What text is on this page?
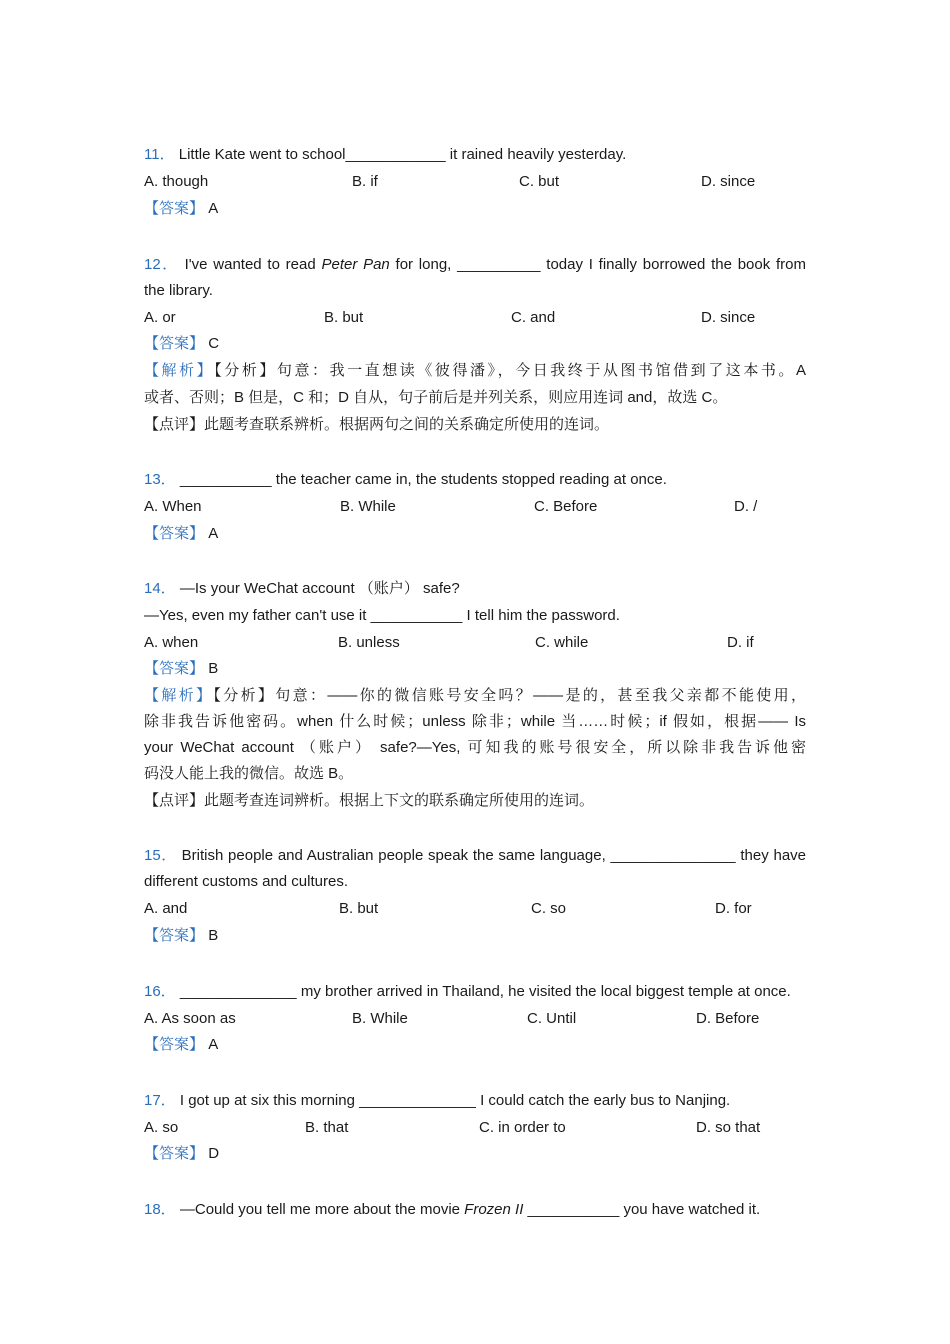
11． Little Kate went to school____________ it rained heavily yesterday.
A. though	B. if	C. but	D. since
【答案】 A
12． I've wanted to read Peter Pan for long, __________ today I finally borrowed the book from
the library.
A. or	B. but	C. and	D. since
【答案】 C
【解析】【分析】句意：我一直想读《彼得潘》，今日我终于从图书馆借到了这本书。A
或者、否则；B 但是，C 和；D 自从，句子前后是并列关系，则应用连词 and，故选 C。
【点评】此题考查联系辨析。根据两句之间的关系确定所使用的连词。
13． ___________ the teacher came in, the students stopped reading at once.
A. When	B. While	C. Before	D. /
【答案】 A
14． —Is your WeChat account （账户） safe?
—Yes, even my father can't use it ___________ I tell him the password.
A. when	B. unless	C. while	D. if
【答案】 B
【解析】【分析】句意：——你的微信账号安全吗？——是的，甚至我父亲都不能使用，
除非我告诉他密码。when 什么时候；unless 除非；while 当……时候；if 假如，根据—— Is
your WeChat account （账户） safe?—Yes, 可知我的账号很安全，所以除非我告诉他密
码没人能上我的微信。故选 B。
【点评】此题考查连词辨析。根据上下文的联系确定所使用的连词。
15． British people and Australian people speak the same language, _______________ they have
different customs and cultures.
A. and	B. but	C. so	D. for
【答案】 B
16． ______________ my brother arrived in Thailand, he visited the local biggest temple at once.
A. As soon as	B. While	C. Until	D. Before
【答案】 A
17． I got up at six this morning ______________ I could catch the early bus to Nanjing.
A. so	B. that	C. in order to	D. so that
【答案】 D
18． —Could you tell me more about the movie Frozen II ___________ you have watched it.
